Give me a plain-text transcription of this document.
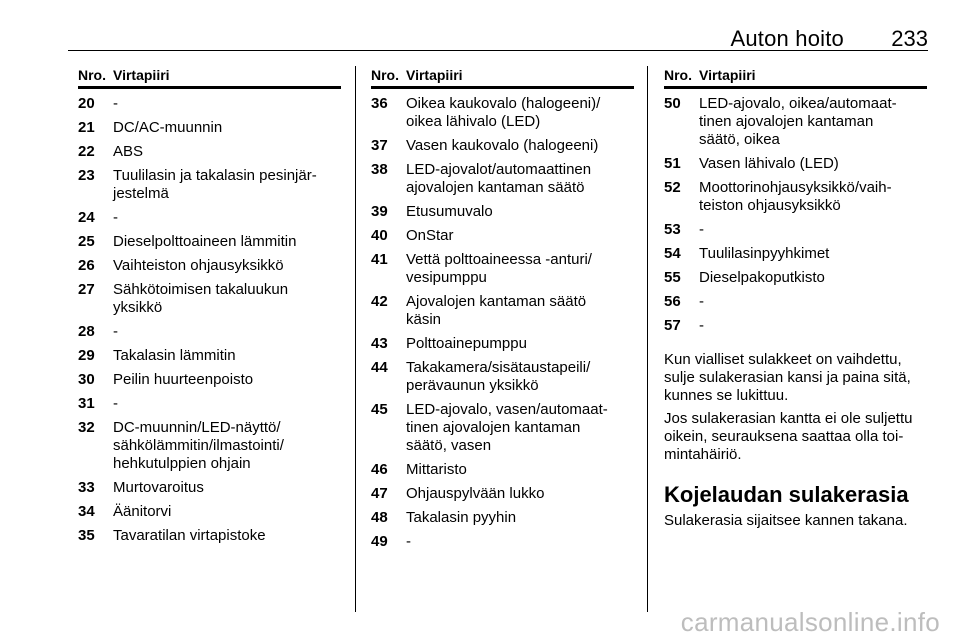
Auton hoito 233
Nro. Virtapiiri
20	-
21	DC/AC-muunnin
22	ABS
23	Tuulilasin ja takalasin pesinjär-
jestelmä
24	-
25	Dieselpolttoaineen lämmitin
26	Vaihteiston ohjausyksikkö
27	Sähkötoimisen takaluukun
yksikkö
28	-
29	Takalasin lämmitin
30	Peilin huurteenpoisto
31	-
32	DC-muunnin/LED-näyttö/
sähkölämmitin/ilmastointi/
hehkutulppien ohjain
33	Murtovaroitus
34	Äänitorvi
35	Tavaratilan virtapistoke
Nro. Virtapiiri
36	Oikea kaukovalo (halogeeni)/
oikea lähivalo (LED)
37	Vasen kaukovalo (halogeeni)
38	LED-ajovalot/automaattinen
ajovalojen kantaman säätö
39	Etusumuvalo
40	OnStar
41	Vettä polttoaineessa -anturi/
vesipumppu
42	Ajovalojen kantaman säätö
käsin
43	Polttoainepumppu
44	Takakamera/sisätaustapeili/
perävaunun yksikkö
45	LED-ajovalo, vasen/automaat-
tinen ajovalojen kantaman
säätö, vasen
46	Mittaristo
47	Ohjauspylvään lukko
48	Takalasin pyyhin
49	-
Nro. Virtapiiri
50	LED-ajovalo, oikea/automaat-
tinen ajovalojen kantaman
säätö, oikea
51	Vasen lähivalo (LED)
52	Moottorinohjausyksikkö/vaih-
teiston ohjausyksikkö
53	-
54	Tuulilasinpyyhkimet
55	Dieselpakoputkisto
56	-
57	-
Kun vialliset sulakkeet on vaihdettu,
sulje sulakerasian kansi ja paina sitä,
kunnes se lukittuu.
Jos sulakerasian kantta ei ole suljettu
oikein, seurauksena saattaa olla toi-
mintahäiriö.
Kojelaudan sulakerasia
Sulakerasia sijaitsee kannen takana.
carmanualsonline.info
